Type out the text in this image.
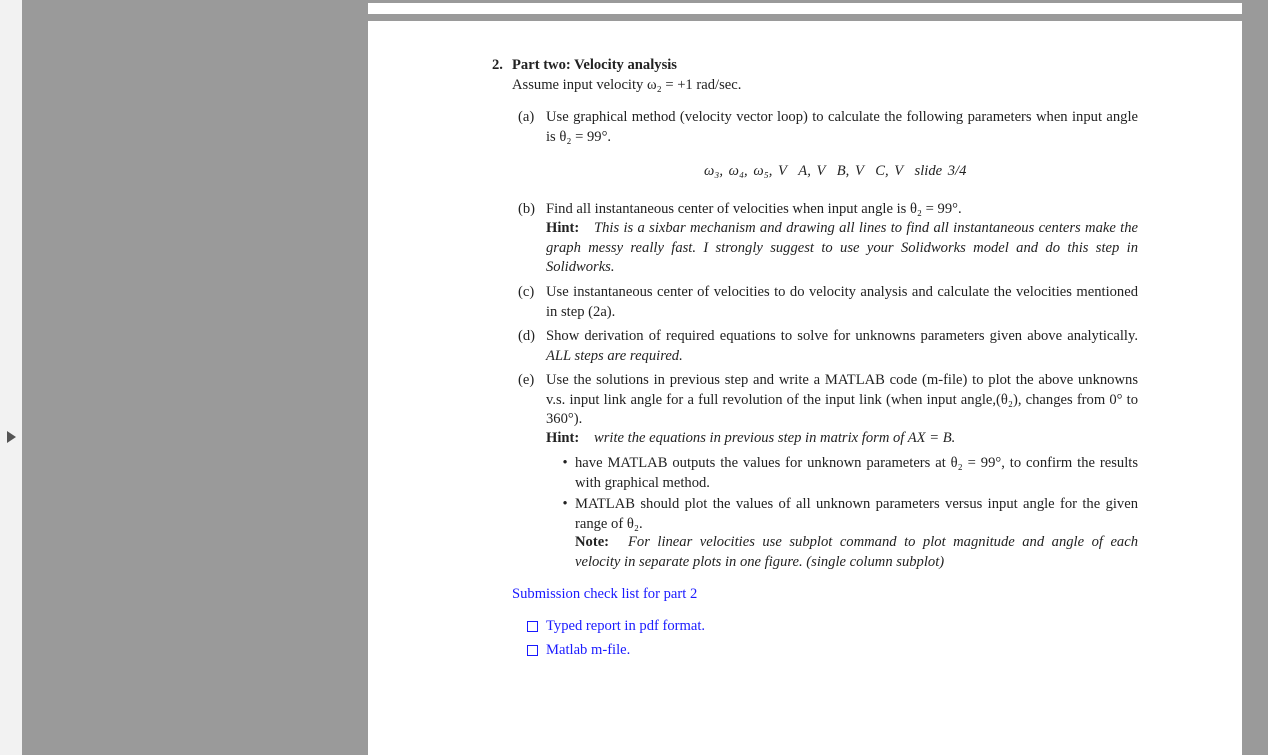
2. Part two: Velocity analysis
Assume input velocity ω₂ = +1 rad/sec.
(a) Use graphical method (velocity vector loop) to calculate the following parameters when input angle is θ₂ = 99°.
ω₃, ω₄, ω₅, V⃗A, V⃗B, V⃗C, V⃗slide 3/4
(b) Find all instantaneous center of velocities when input angle is θ₂ = 99°.
Hint:	This is a sixbar mechanism and drawing all lines to find all instantaneous centers make the graph messy really fast. I strongly suggest to use your Solidworks model and do this step in Solidworks.
(c) Use instantaneous center of velocities to do velocity analysis and calculate the velocities mentioned in step (2a).
(d) Show derivation of required equations to solve for unknowns parameters given above analytically. ALL steps are required.
(e) Use the solutions in previous step and write a MATLAB code (m-file) to plot the above unknowns v.s. input link angle for a full revolution of the input link (when input angle,(θ₂), changes from 0° to 360°).
Hint: write the equations in previous step in matrix form of AX = B.
• have MATLAB outputs the values for unknown parameters at θ₂ = 99°, to confirm the results with graphical method.
• MATLAB should plot the values of all unknown parameters versus input angle for the given range of θ₂.
Note:	For linear velocities use subplot command to plot magnitude and angle of each velocity in separate plots in one figure. (single column subplot)
Submission check list for part 2
Typed report in pdf format.
Matlab m-file.
